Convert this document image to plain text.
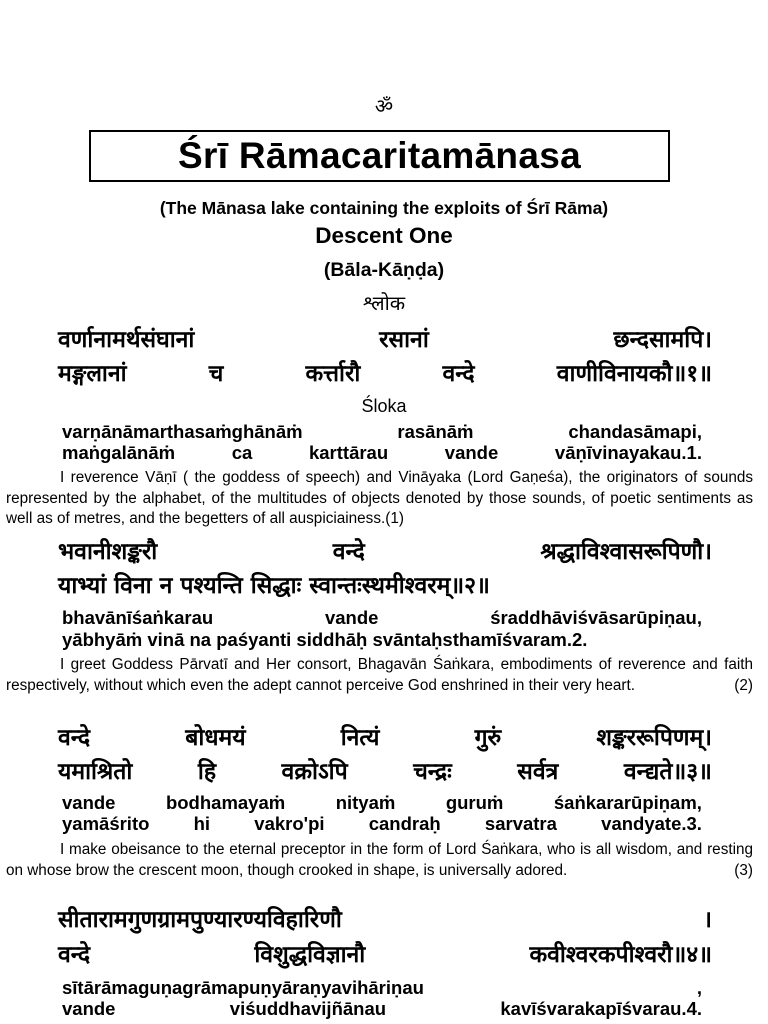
ॐ
Śrī Rāmacaritamānasa
(The Mānasa lake containing the exploits of Śrī Rāma)
Descent One
(Bāla-Kāṇḍa)
श्लोक
वर्णानामर्थसंघानां	रसानां	छन्दसामपि।
मङ्गलानां	च	कर्त्तारौ	वन्दे	वाणीविनायकौ॥१॥
Śloka
varṇānāmarthasaṁghānāṁ	rasānāṁ	chandasāmapi,
maṅgalānāṁ	ca	karttārau	vande	vāṇīvinayakau.1.
I reverence Vāṇī ( the goddess of speech) and Vināyaka (Lord Gaṇeśa), the originators of sounds represented by the alphabet, of the multitudes of objects denoted by those sounds, of poetic sentiments as well as of metres, and the begetters of all auspiciainess.(1)
भवानीशङ्करौ	वन्दे	श्रद्धाविश्वासरूपिणौ।
याभ्यां विना न पश्यन्ति सिद्धाः स्वान्तःस्थमीश्वरम्॥२॥
bhavānīśaṅkarau	vande	śraddhāviśvāsarūpiṇau,
yābhyāṁ vinā na paśyanti siddhāḥ svāntaḥsthamīśvaram.2.
I greet Goddess Pārvatī and Her consort, Bhagavān Śaṅkara, embodiments of reverence and faith respectively, without which even the adept cannot perceive God enshrined in their very heart.	(2)
वन्दे	बोधमयं	नित्यं	गुरुं	शङ्कररूपिणम्।
यमाश्रितो	हि	वक्रोऽपि	चन्द्रः	सर्वत्र	वन्द्यते॥३॥
vande	bodhamayaṁ	nityaṁ	guruṁ	śaṅkararūpiṇam,
yamāśrito hi vakro'pi candraḥ sarvatra vandyate.3.
I make obeisance to the eternal preceptor in the form of Lord Śaṅkara, who is all wisdom, and resting on whose brow the crescent moon, though crooked in shape, is universally adored.	(3)
सीतारामगुणग्रामपुण्यारण्यविहारिणौ	।
वन्दे	विशुद्धविज्ञानौ	कवीश्वरकपीश्वरौ॥४॥
sītārāmaguṇagrāmapuṇyāraṇyavihāriṇau	,
vande	viśuddhavijñānau	kavīśvarakapīśvarau.4.
